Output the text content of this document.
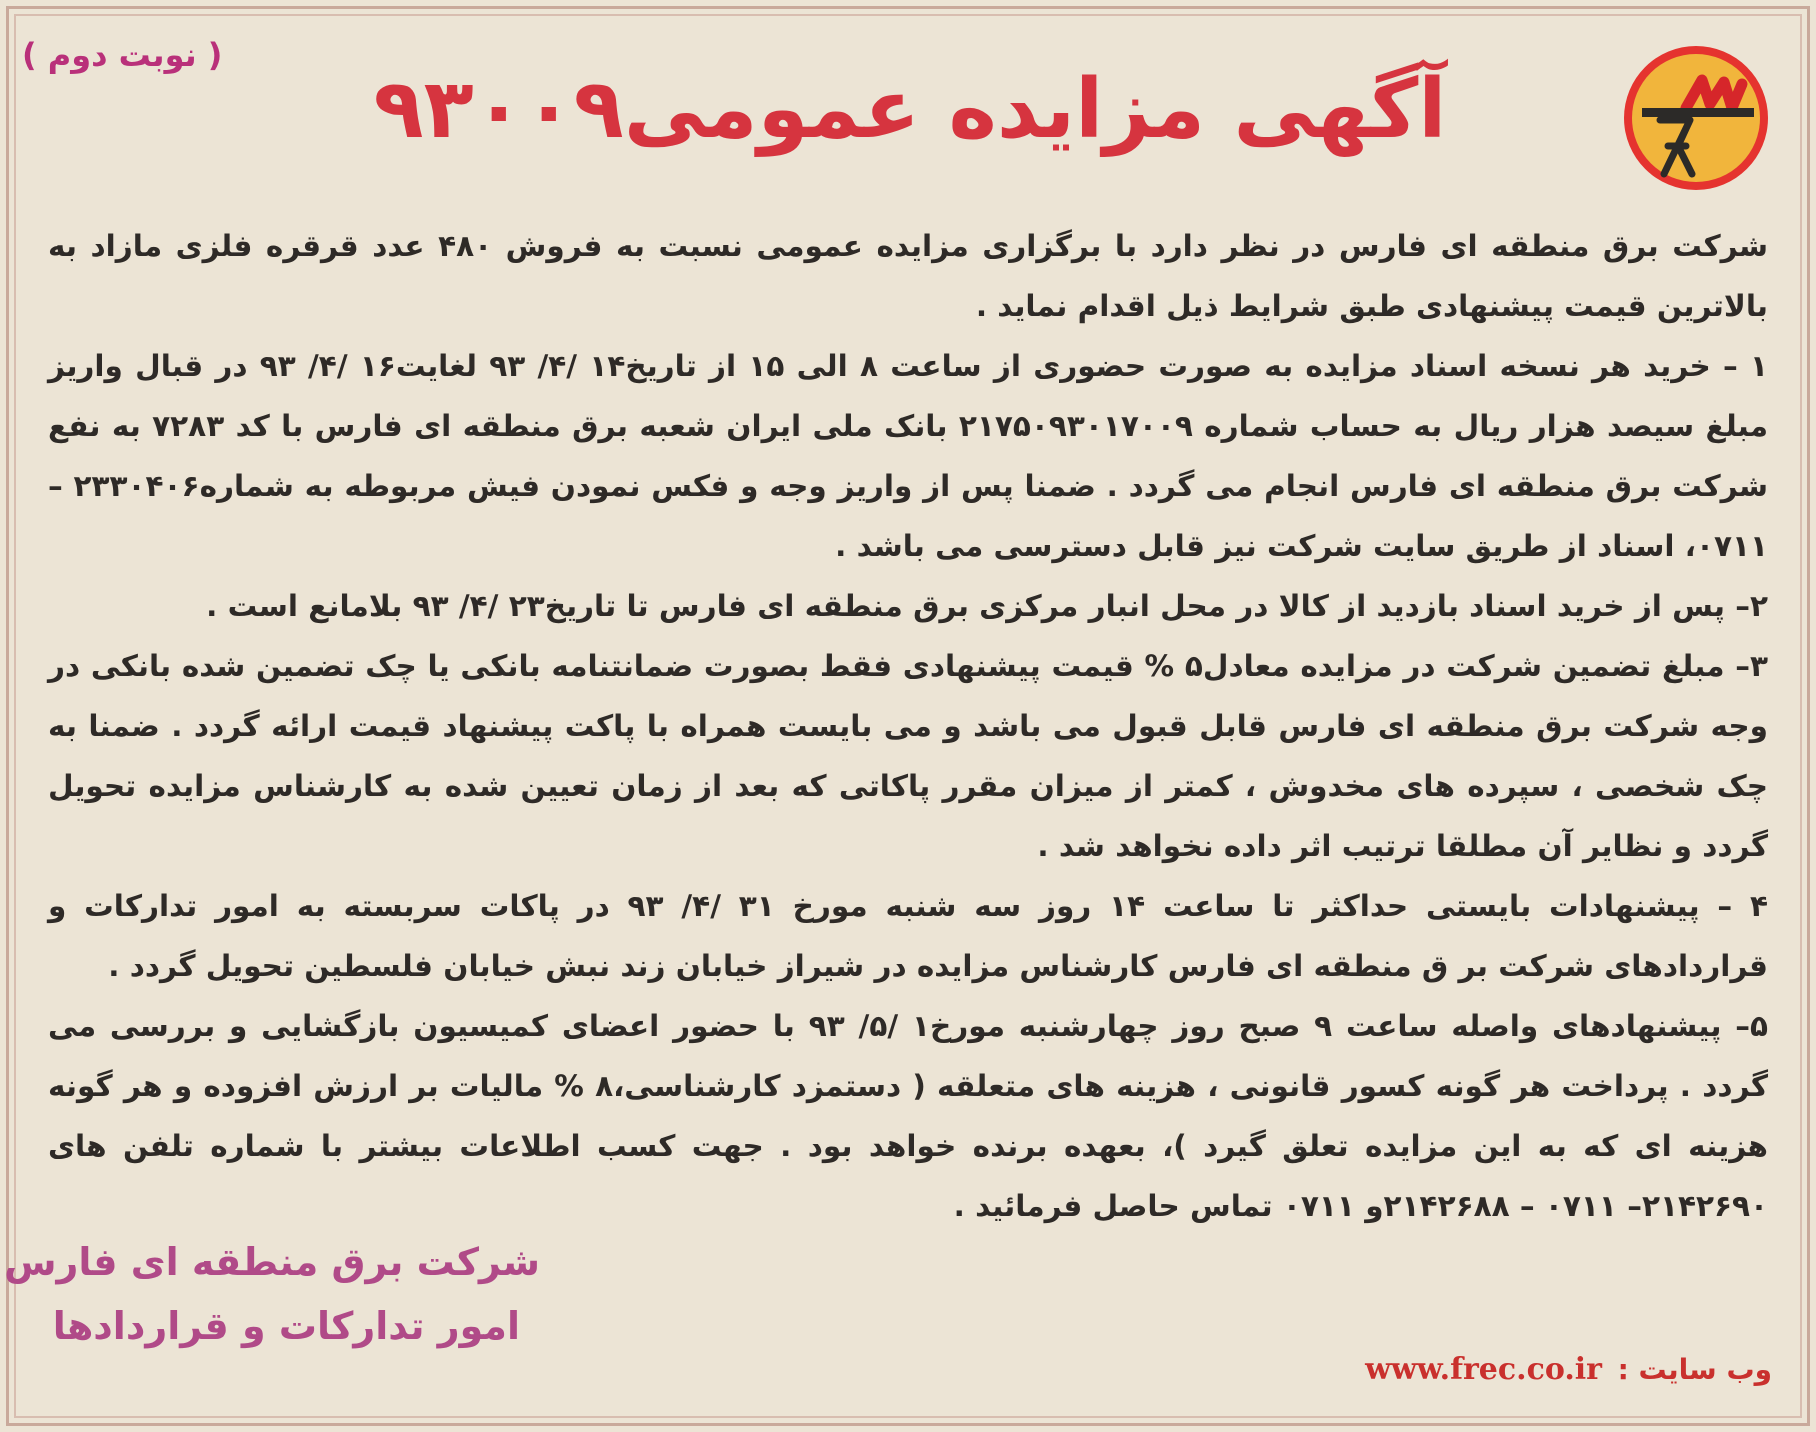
آگهی مزایده عمومی۹۳۰۰۹
( نوبت دوم )

شرکت برق منطقه ای فارس در نظر دارد با برگزاری مزایده عمومی نسبت به فروش ۴۸۰ عدد قرقره فلزی مازاد به بالاترین قیمت پیشنهادی طبق شرایط ذیل اقدام نماید .

۱ – خرید هر نسخه اسناد مزایده به صورت حضوری از ساعت ۸ الی ۱۵ از تاریخ۱۴ /۴/ ۹۳ لغایت۱۶ /۴/ ۹۳ در قبال واریز مبلغ سیصد هزار ریال به حساب شماره ۲۱۷۵۰۹۳۰۱۷۰۰۹ بانک ملی ایران شعبه برق منطقه ای فارس با کد ۷۲۸۳ به نفع شرکت برق منطقه ای فارس انجام می گردد . ضمنا پس از واریز وجه و فکس نمودن فیش مربوطه به شماره۲۳۳۰۴۰۶ – ۰۷۱۱، اسناد از طریق سایت شرکت نیز قابل دسترسی می باشد .

۲– پس از خرید اسناد بازدید از کالا در محل انبار مرکزی برق منطقه ای فارس تا تاریخ۲۳ /۴/ ۹۳ بلامانع است .

۳– مبلغ تضمین شرکت در مزایده معادل۵ % قیمت پیشنهادی فقط بصورت ضمانتنامه بانکی یا چک تضمین شده بانکی در وجه شرکت برق منطقه ای فارس قابل قبول می باشد و می بایست همراه با پاکت پیشنهاد قیمت ارائه گردد . ضمنا به چک شخصی ، سپرده های مخدوش ، کمتر از میزان مقرر پاکاتی که بعد از زمان تعیین شده به کارشناس مزایده تحویل گردد و نظایر آن مطلقا ترتیب اثر داده نخواهد شد .

۴ – پیشنهادات بایستی حداکثر تا ساعت ۱۴ روز سه شنبه مورخ ۳۱ /۴/ ۹۳ در پاکات سربسته به امور تدارکات و قراردادهای شرکت بر ق منطقه ای فارس کارشناس مزایده در شیراز خیابان زند نبش خیابان فلسطین تحویل گردد .

۵– پیشنهادهای واصله ساعت ۹ صبح روز چهارشنبه مورخ۱ /۵/ ۹۳ با حضور اعضای کمیسیون بازگشایی و بررسی می گردد . پرداخت هر گونه کسور قانونی ، هزینه های متعلقه ( دستمزد کارشناسی،۸ % مالیات بر ارزش افزوده و هر گونه هزینه ای که به این مزایده تعلق گیرد )، بعهده برنده خواهد بود . جهت کسب اطلاعات بیشتر با شماره تلفن های ۲۱۴۲۶۹۰– ۰۷۱۱ – ۲۱۴۲۶۸۸و ۰۷۱۱ تماس حاصل فرمائید .

شرکت برق منطقه ای فارس
امور تدارکات و قراردادها
وب سایت : www.frec.co.ir
